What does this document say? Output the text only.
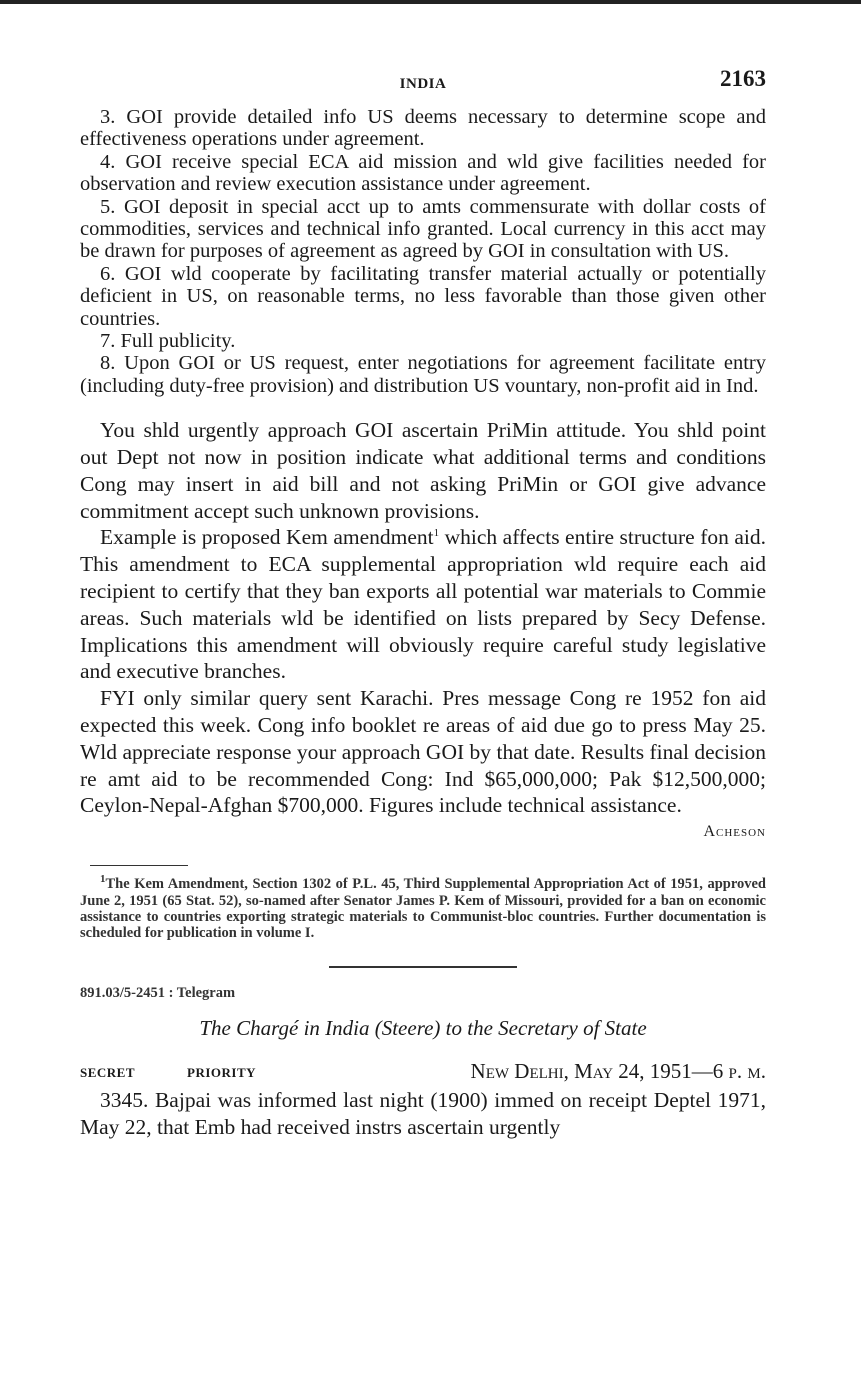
INDIA	2163

3. GOI provide detailed info US deems necessary to determine scope and effectiveness operations under agreement.

4. GOI receive special ECA aid mission and wld give facilities needed for observation and review execution assistance under agreement.

5. GOI deposit in special acct up to amts commensurate with dollar costs of commodities, services and technical info granted. Local currency in this acct may be drawn for purposes of agreement as agreed by GOI in consultation with US.

6. GOI wld cooperate by facilitating transfer material actually or potentially deficient in US, on reasonable terms, no less favorable than those given other countries.

7. Full publicity.

8. Upon GOI or US request, enter negotiations for agreement facilitate entry (including duty-free provision) and distribution US vountary, non-profit aid in Ind.

You shld urgently approach GOI ascertain PriMin attitude. You shld point out Dept not now in position indicate what additional terms and conditions Cong may insert in aid bill and not asking PriMin or GOI give advance commitment accept such unknown provisions.

Example is proposed Kem amendment$^1$ which affects entire structure fon aid. This amendment to ECA supplemental appropriation wld require each aid recipient to certify that they ban exports all potential war materials to Commie areas. Such materials wld be identified on lists prepared by Secy Defense. Implications this amendment will obviously require careful study legislative and executive branches.

FYI only similar query sent Karachi. Pres message Cong re 1952 fon aid expected this week. Cong info booklet re areas of aid due go to press May 25. Wld appreciate response your approach GOI by that date. Results final decision re amt aid to be recommended Cong: Ind $65,000,000; Pak $12,500,000; Ceylon-Nepal-Afghan $700,000. Figures include technical assistance.

Acheson

$^1$The Kem Amendment, Section 1302 of P.L. 45, Third Supplemental Appropriation Act of 1951, approved June 2, 1951 (65 Stat. 52), so-named after Senator James P. Kem of Missouri, provided for a ban on economic assistance to countries exporting strategic materials to Communist-bloc countries. Further documentation is scheduled for publication in volume I.

891.03/5-2451 : Telegram
The Chargé in India (Steere) to the Secretary of State
SECRET	PRIORITY	New Delhi, May 24, 1951—6 p. m.

3345. Bajpai was informed last night (1900) immed on receipt Deptel 1971, May 22, that Emb had received instrs ascertain urgently
